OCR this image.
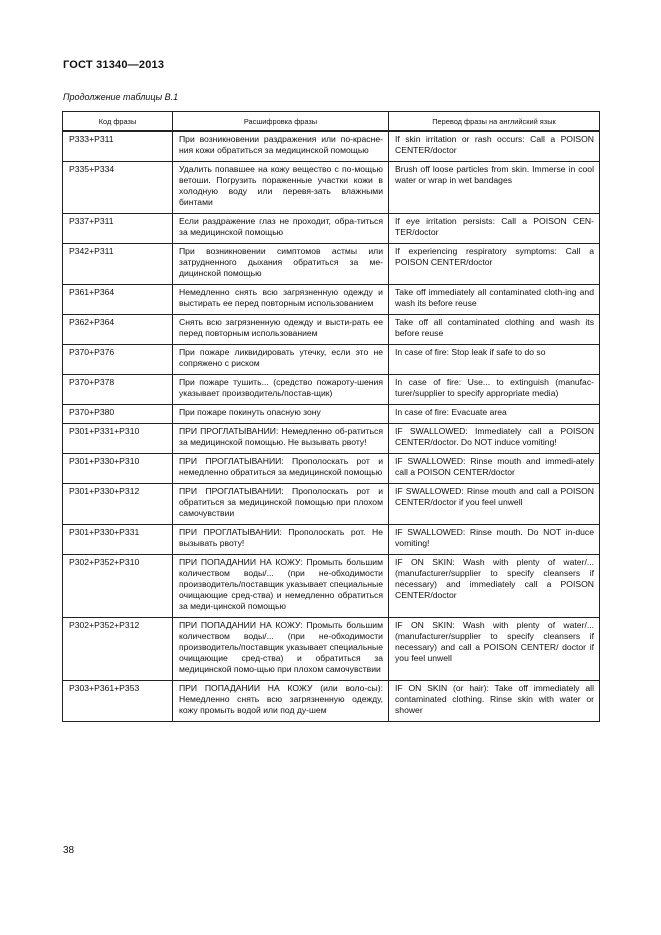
ГОСТ 31340—2013
Продолжение таблицы В.1
Код фразы	Расшифровка фразы	Перевод фразы на английский язык
P333+P311	При возникновении раздражения или по-краснения кожи обратиться за медицинской помощью	If skin irritation or rash occurs: Call a POISON CENTER/doctor
P335+P334	Удалить попавшее на кожу вещество с по-мощью ветоши. Погрузить пораженные участки кожи в холодную воду или перевя-зать влажными бинтами	Brush off loose particles from skin. Immerse in cool water or wrap in wet bandages
P337+P311	Если раздражение глаз не проходит, обра-титься за медицинской помощью	If eye irritation persists: Call a POISON CEN-TER/doctor
P342+P311	При возникновении симптомов астмы или затрудненного дыхания обратиться за ме-дицинской помощью	If experiencing respiratory symptoms: Call a POISON CENTER/doctor
P361+P364	Немедленно снять всю загрязненную одежду и выстирать ее перед повторным использованием	Take off immediately all contaminated cloth-ing and wash its before reuse
P362+P364	Снять всю загрязненную одежду и высти-рать ее перед повторным использованием	Take off all contaminated clothing and wash its before reuse
P370+P376	При пожаре ликвидировать утечку, если это не сопряжено с риском	In case of fire: Stop leak if safe to do so
P370+P378	При пожаре тушить... (средство пожароту-шения указывает производитель/постав-щик)	In case of fire: Use... to extinguish (manufac-turer/supplier to specify appropriate media)
P370+P380	При пожаре покинуть опасную зону	In case of fire: Evacuate area
P301+P331+P310	ПРИ ПРОГЛАТЫВАНИИ: Немедленно об-ратиться за медицинской помощью. Не вызывать рвоту!	IF SWALLOWED: Immediately call a POISON CENTER/doctor. Do NOT induce vomiting!
P301+P330+P310	ПРИ ПРОГЛАТЫВАНИИ: Прополоскать рот и немедленно обратиться за медицинской помощью	IF SWALLOWED: Rinse mouth and immedi-ately call a POISON CENTER/doctor
P301+P330+P312	ПРИ ПРОГЛАТЫВАНИИ: Прополоскать рот и обратиться за медицинской помощью при плохом самочувствии	IF SWALLOWED: Rinse mouth and call a POISON CENTER/doctor if you feel unwell
P301+P330+P331	ПРИ ПРОГЛАТЫВАНИИ: Прополоскать рот. Не вызывать рвоту!	IF SWALLOWED: Rinse mouth. Do NOT in-duce vomiting!
P302+P352+P310	ПРИ ПОПАДАНИИ НА КОЖУ: Промыть большим количеством воды/... (при не-обходимости производитель/поставщик указывает специальные очищающие сред-ства) и немедленно обратиться за меди-цинской помощью	IF ON SKIN: Wash with plenty of water/... (manufacturer/supplier to specify cleansers if necessary) and immediately call a POISON CENTER/doctor
P302+P352+P312	ПРИ ПОПАДАНИИ НА КОЖУ: Промыть большим количеством воды/... (при не-обходимости производитель/поставщик указывает специальные очищающие сред-ства) и обратиться за медицинской помо-щью при плохом самочувствии	IF ON SKIN: Wash with plenty of water/... (manufacturer/supplier to specify cleansers if necessary) and call a POISON CENTER/ doctor if you feel unwell
P303+P361+P353	ПРИ ПОПАДАНИИ НА КОЖУ (или воло-сы): Немедленно снять всю загрязненную одежду, кожу промыть водой или под ду-шем	IF ON SKIN (or hair): Take off immediately all contaminated clothing. Rinse skin with water or shower
38
